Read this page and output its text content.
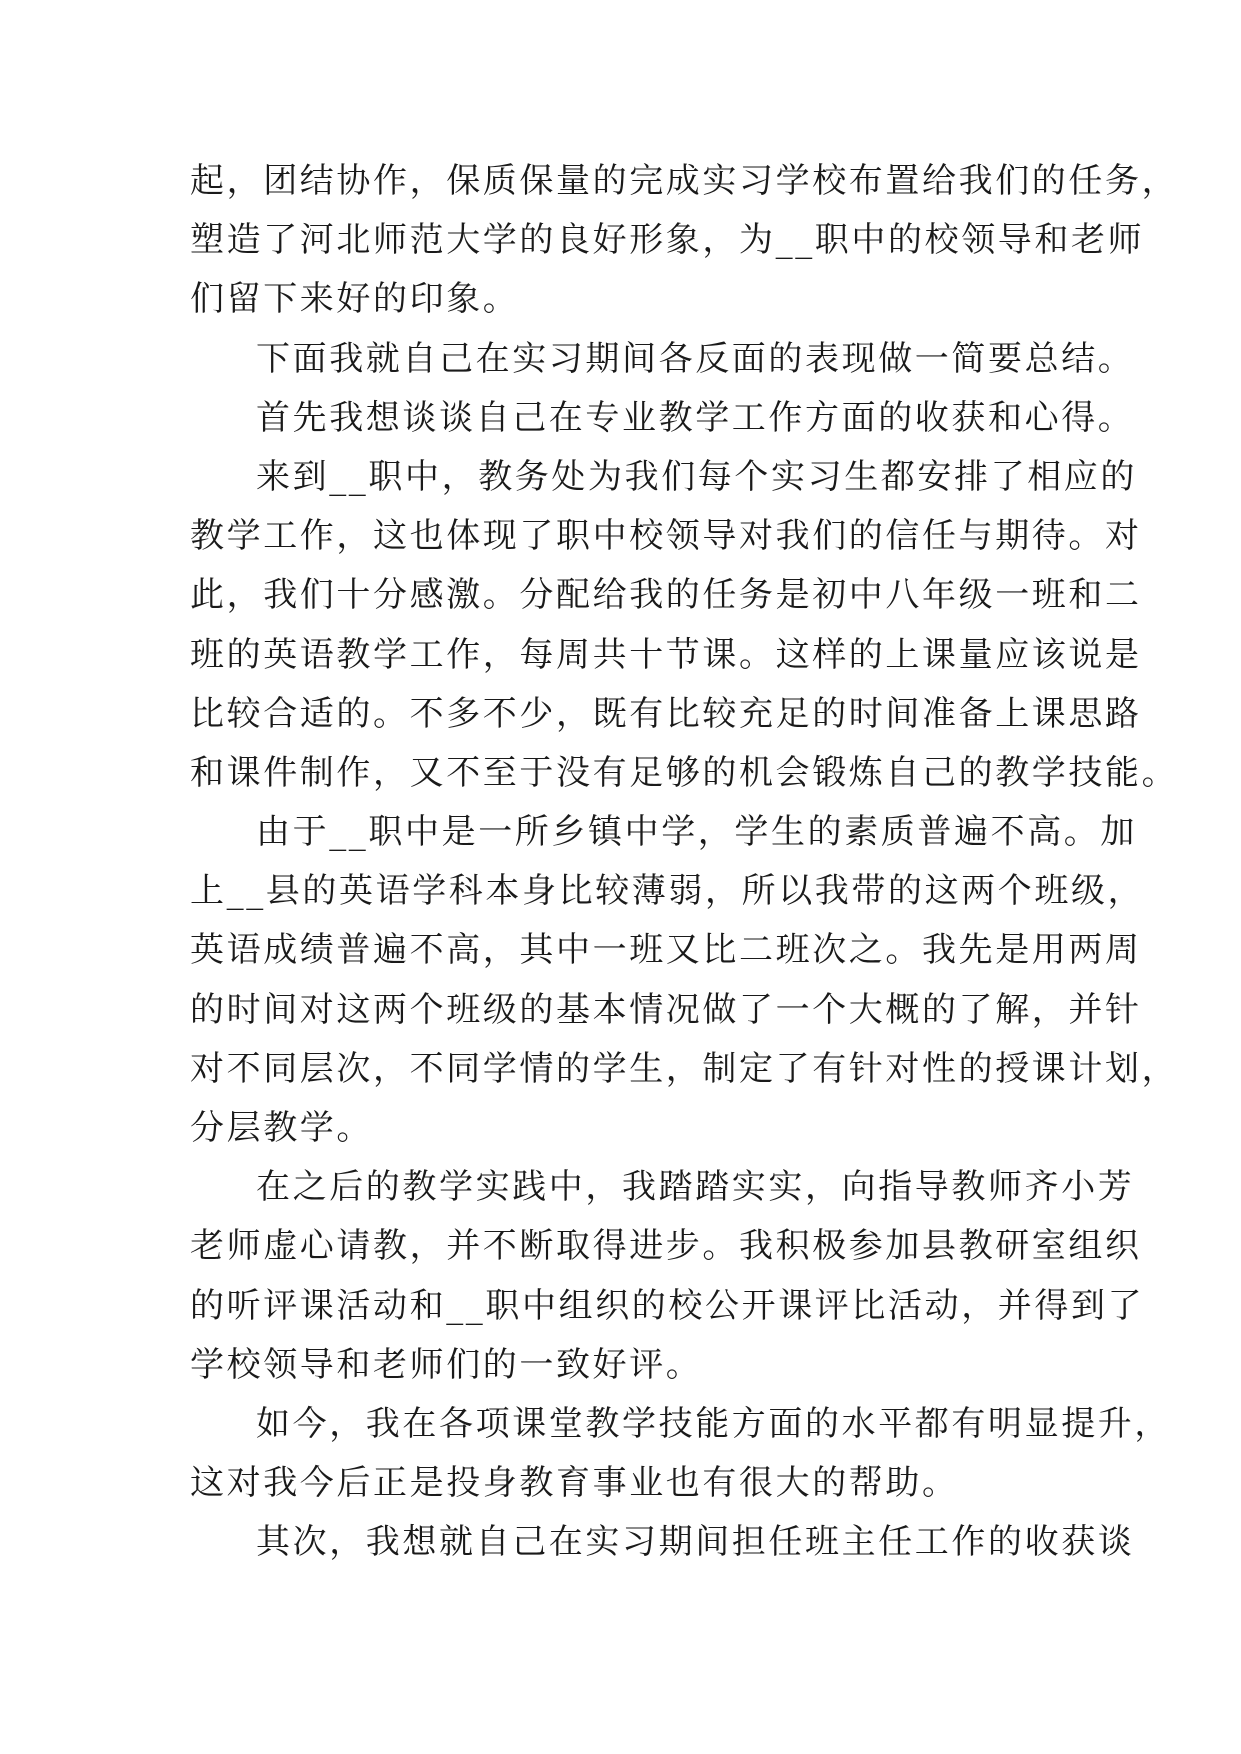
起，团结协作，保质保量的完成实习学校布置给我们的任务，
塑造了河北师范大学的良好形象，为__职中的校领导和老师
们留下来好的印象。
下面我就自己在实习期间各反面的表现做一简要总结。
首先我想谈谈自己在专业教学工作方面的收获和心得。
来到__职中，教务处为我们每个实习生都安排了相应的
教学工作，这也体现了职中校领导对我们的信任与期待。对
此，我们十分感激。分配给我的任务是初中八年级一班和二
班的英语教学工作，每周共十节课。这样的上课量应该说是
比较合适的。不多不少，既有比较充足的时间准备上课思路
和课件制作，又不至于没有足够的机会锻炼自己的教学技能。
由于__职中是一所乡镇中学，学生的素质普遍不高。加
上__县的英语学科本身比较薄弱，所以我带的这两个班级，
英语成绩普遍不高，其中一班又比二班次之。我先是用两周
的时间对这两个班级的基本情况做了一个大概的了解，并针
对不同层次，不同学情的学生，制定了有针对性的授课计划，
分层教学。
在之后的教学实践中，我踏踏实实，向指导教师齐小芳
老师虚心请教，并不断取得进步。我积极参加县教研室组织
的听评课活动和__职中组织的校公开课评比活动，并得到了
学校领导和老师们的一致好评。
如今，我在各项课堂教学技能方面的水平都有明显提升，
这对我今后正是投身教育事业也有很大的帮助。
其次，我想就自己在实习期间担任班主任工作的收获谈
